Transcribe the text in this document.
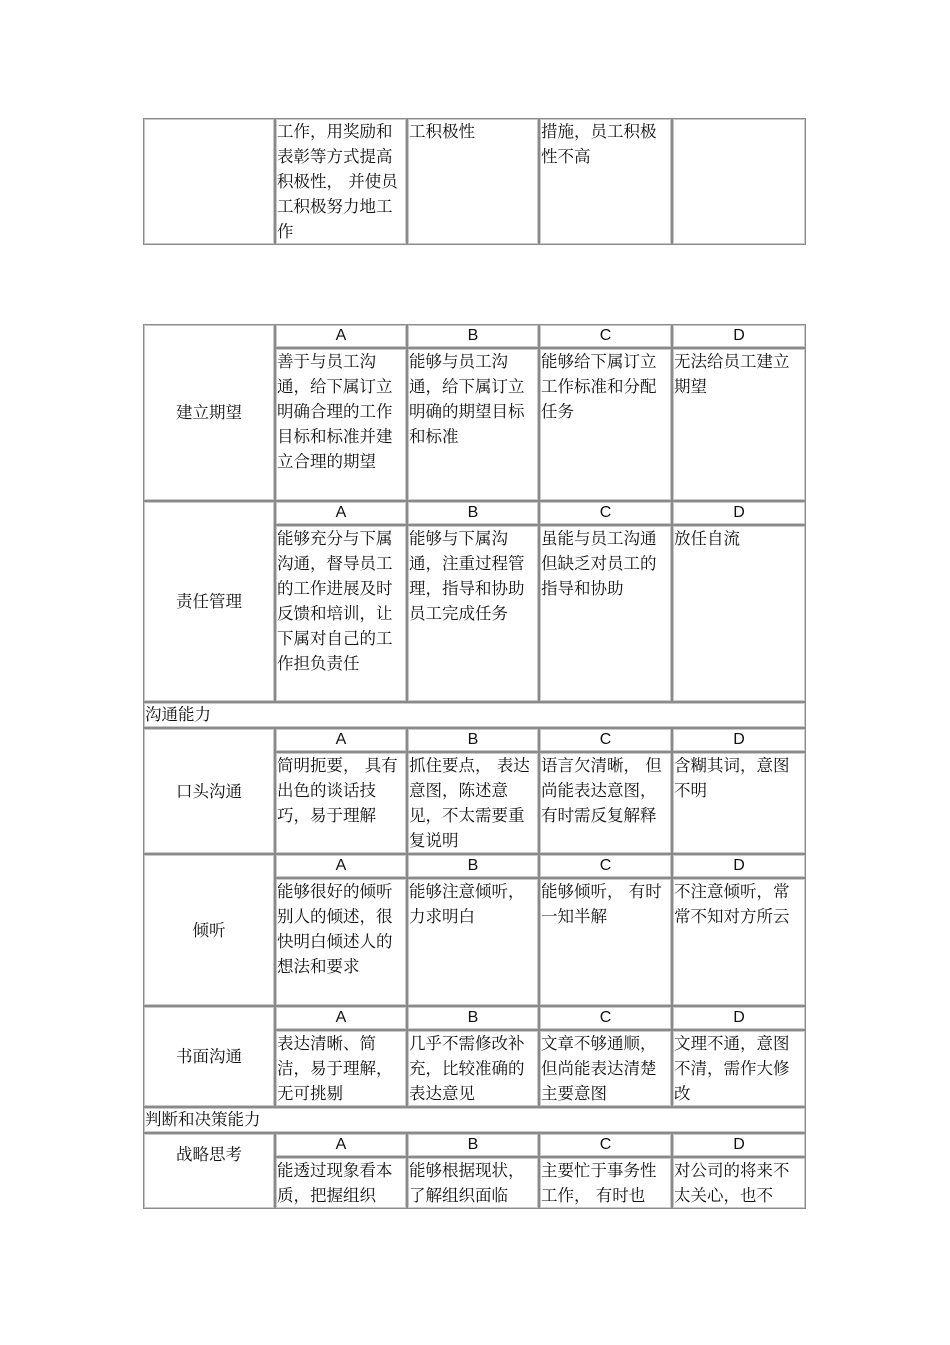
	工作，用奖励和表彰等方式提高积极性， 并使员工积极努力地工作	工积极性	措施，员工积极性不高	
建立期望	A	B	C	D
	善于与员工沟通，给下属订立明确合理的工作目标和标准并建立合理的期望	能够与员工沟通，给下属订立明确的期望目标和标准	能够给下属订立工作标准和分配任务	无法给员工建立期望
责任管理	A	B	C	D
	能够充分与下属沟通，督导员工的工作进展及时反馈和培训，让下属对自己的工作担负责任	能够与下属沟通，注重过程管理，指导和协助员工完成任务	虽能与员工沟通但缺乏对员工的指导和协助	放任自流
沟通能力				
口头沟通	A	B	C	D
	简明扼要， 具有出色的谈话技巧，易于理解	抓住要点， 表达意图，陈述意见，不太需要重复说明	语言欠清晰， 但尚能表达意图，有时需反复解释	含糊其词，意图不明
倾听	A	B	C	D
	能够很好的倾听别人的倾述，很快明白倾述人的想法和要求	能够注意倾听，力求明白	能够倾听， 有时一知半解	不注意倾听，常常不知对方所云
书面沟通	A	B	C	D
	表达清晰、简洁，易于理解，无可挑剔	几乎不需修改补充，比较准确的表达意见	文章不够通顺，但尚能表达清楚主要意图	文理不通，意图不清，需作大修改
判断和决策能力				
战略思考	A	B	C	D
	能透过现象看本质，把握组织	能够根据现状，了解组织面临	主要忙于事务性工作， 有时也	对公司的将来不太关心，也不
